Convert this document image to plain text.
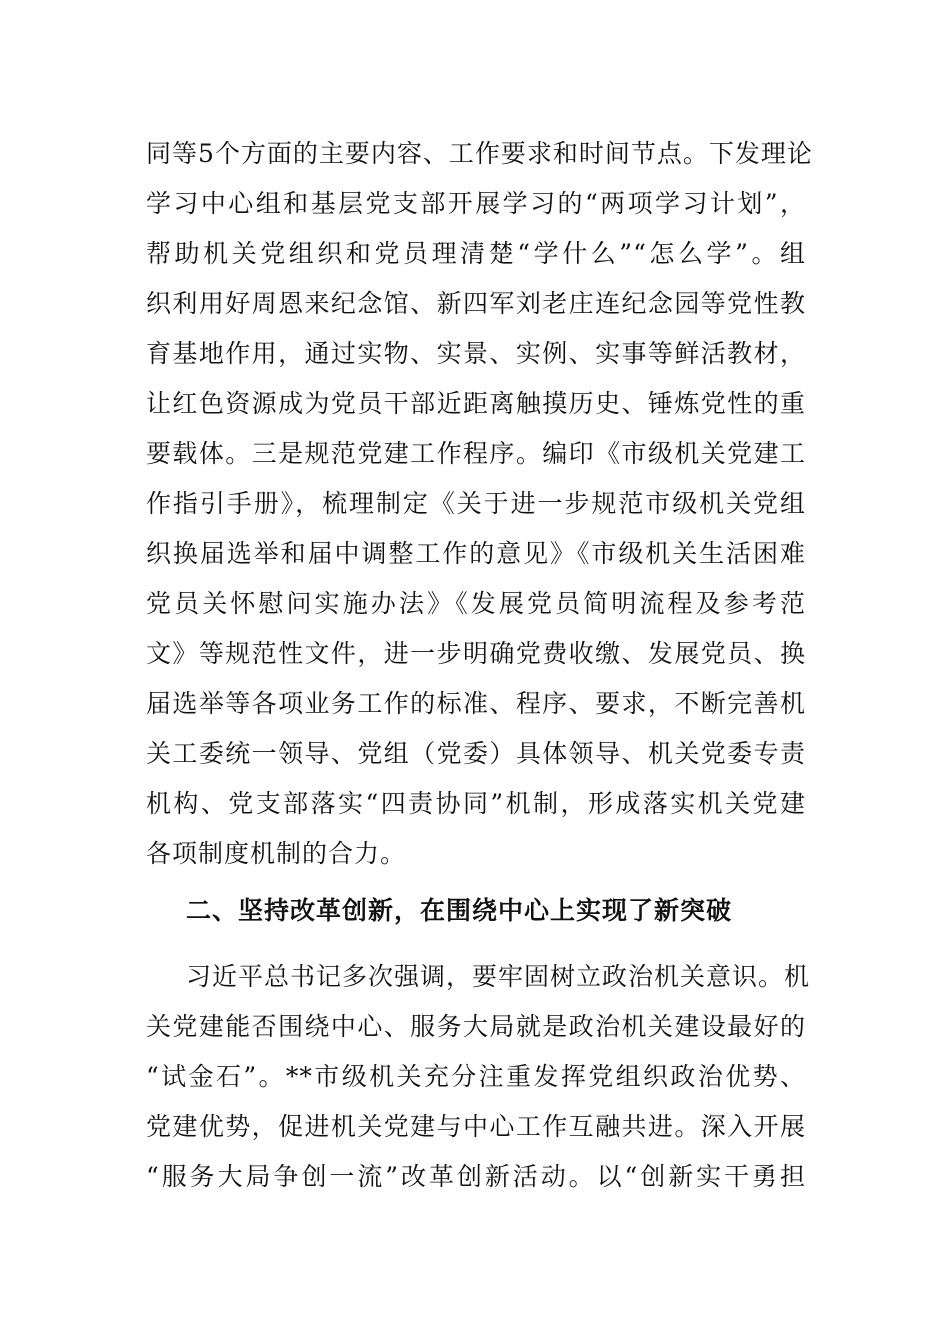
同等5个方面的主要内容、工作要求和时间节点。下发理论
学习中心组和基层党支部开展学习的“两项学习计划”，
帮助机关党组织和党员理清楚“学什么”“怎么学”。组
织利用好周恩来纪念馆、新四军刘老庄连纪念园等党性教
育基地作用，通过实物、实景、实例、实事等鲜活教材，
让红色资源成为党员干部近距离触摸历史、锤炼党性的重
要载体。三是规范党建工作程序。编印《市级机关党建工
作指引手册》，梳理制定《关于进一步规范市级机关党组
织换届选举和届中调整工作的意见》《市级机关生活困难
党员关怀慰问实施办法》《发展党员简明流程及参考范
文》等规范性文件，进一步明确党费收缴、发展党员、换
届选举等各项业务工作的标准、程序、要求，不断完善机
关工委统一领导、党组（党委）具体领导、机关党委专责
机构、党支部落实“四责协同”机制，形成落实机关党建
各项制度机制的合力。
二、坚持改革创新，在围绕中心上实现了新突破
习近平总书记多次强调，要牢固树立政治机关意识。机
关党建能否围绕中心、服务大局就是政治机关建设最好的
“试金石”。**市级机关充分注重发挥党组织政治优势、
党建优势，促进机关党建与中心工作互融共进。深入开展
“服务大局争创一流”改革创新活动。以“创新实干勇担
